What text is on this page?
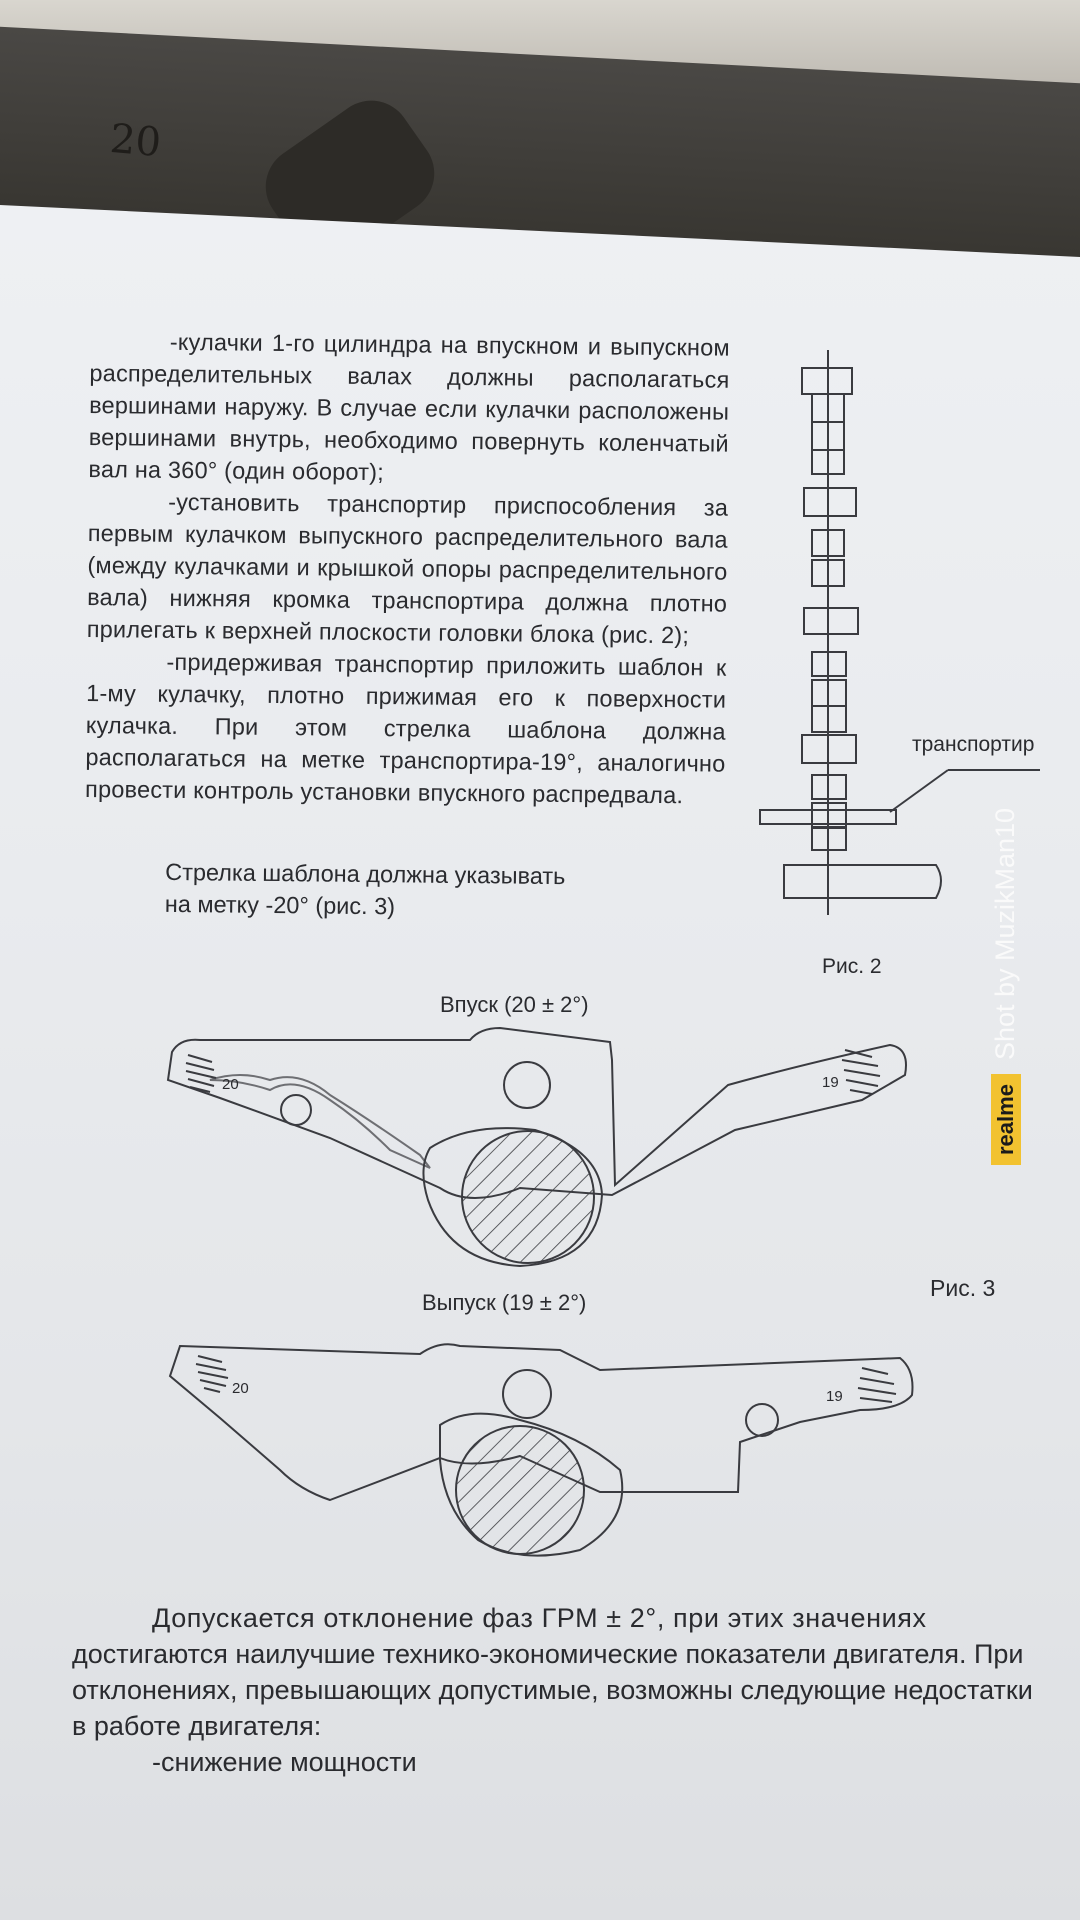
20

-кулачки 1-го цилиндра на впускном и выпускном распределительных валах должны располагаться вершинами наружу. В случае если кулачки расположены вершинами внутрь, необходимо повернуть коленчатый вал на 360° (один оборот);

-установить транспортир приспособления за первым кулачком выпускного распределительного вала (между кулачками и крышкой опоры распределительного вала) нижняя кромка транспортира должна плотно прилегать к верхней плоскости головки блока (рис. 2);

-придерживая транспортир приложить шаблон к 1-му кулачку, плотно прижимая его к поверхности кулачка. При этом стрелка шаблона должна располагаться на метке транспортира-19°, аналогично провести контроль установки впускного распредвала.

Стрелка шаблона должна указывать
на метку -20° (рис. 3)
транспортир
Рис. 2
Впуск (20 ± 2°)
Выпуск (19 ± 2°)
Рис. 3
20	19
20	19

Допускается отклонение фаз ГРМ ± 2°, при этих значениях

достигаются наилучшие технико-экономические показатели двигателя. При

отклонениях, превышающих допустимые, возможны следующие недостатки

в работе двигателя:

-снижение мощности

realme
Shot by MuzikMan10
